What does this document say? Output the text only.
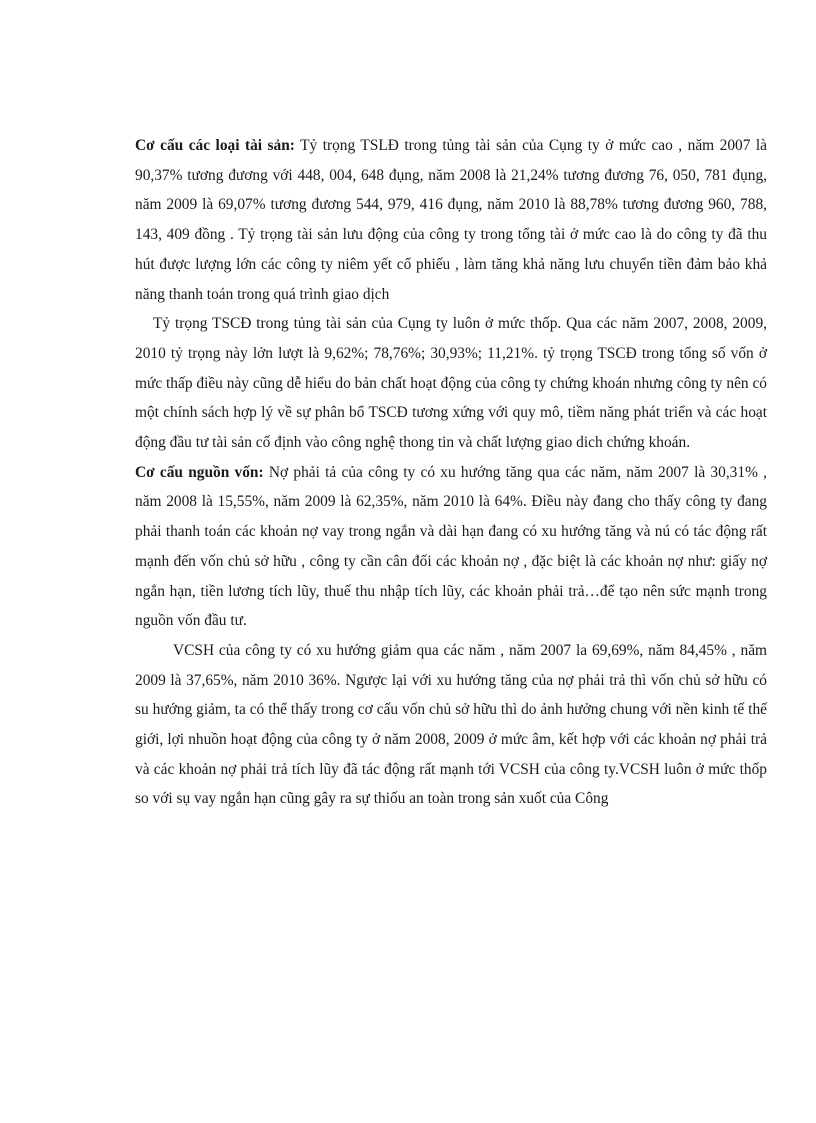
Cơ cấu các loại tài sản: Tỷ trọng TSLĐ trong tủng tài sản của Cụng ty ở mức cao , năm 2007 là 90,37% tương đương với 448, 004, 648 đụng, năm 2008 là 21,24% tương đương 76, 050, 781 đụng, năm 2009 là 69,07% tương đương 544, 979, 416 đụng, năm 2010 là 88,78% tương đương 960, 788, 143, 409 đồng . Tỷ trọng tài sản lưu động của công ty trong tổng tài ở mức cao là do công ty đã thu hút được lượng lớn các công ty niêm yết cổ phiếu , làm tăng khả năng lưu chuyển tiền đảm bảo khả năng thanh toán trong quá trình giao dịch

Tỷ trọng TSCĐ trong tủng tài sản của Cụng ty luôn ở mức thốp. Qua các năm 2007, 2008, 2009, 2010 tỷ trọng này lởn lượt là 9,62%; 78,76%; 30,93%; 11,21%. tỷ trọng TSCĐ trong tổng số vốn ở mức thấp điều này cũng dễ hiểu do bản chất hoạt động của công ty chứng khoán nhưng công ty nên có một chính sách hợp lý về sự phân bổ TSCĐ tương xứng với quy mô, tiềm năng phát triển và các hoạt động đầu tư tài sản cố định vào công nghệ thong tin và chất lượng giao dich chứng khoán.

Cơ cấu nguồn vốn: Nợ phải tả của công ty có xu hướng tăng qua các năm, năm 2007 là 30,31% , năm 2008 là 15,55%, năm 2009 là 62,35%, năm 2010 là 64%. Điều này đang cho thấy công ty đang phải thanh toán các khoản nợ vay trong ngắn và dài hạn đang có xu hướng tăng và nú có tác động rất mạnh đến vốn chủ sở hữu , công ty cần cân đối các khoản nợ , đặc biệt là các khoản nợ như: giấy nợ ngắn hạn, tiền lương tích lũy, thuế thu nhập tích lũy, các khoản phải trả…để tạo nên sức mạnh trong nguồn vốn đầu tư.

VCSH của công ty có xu hướng giảm qua các năm , năm 2007 la 69,69%, năm 84,45% , năm 2009 là 37,65%, năm 2010 36%. Ngược lại với xu hướng tăng của nợ phải trả thì vốn chủ sở hữu có su hướng giảm, ta có thể thấy trong cơ cấu vốn chủ sở hữu thì do ảnh hưởng chung với nền kinh tế thế giới, lợi nhuồn hoạt động của công ty ở năm 2008, 2009 ở mức âm, kết hợp với các khoản nợ phải trả và các khoản nợ phải trả tích lũy đã tác động rất mạnh tới VCSH của công ty.VCSH luôn ở mức thốp so với sụ vay ngắn hạn cũng gây ra sự thiốu an toàn trong sản xuốt của Công
